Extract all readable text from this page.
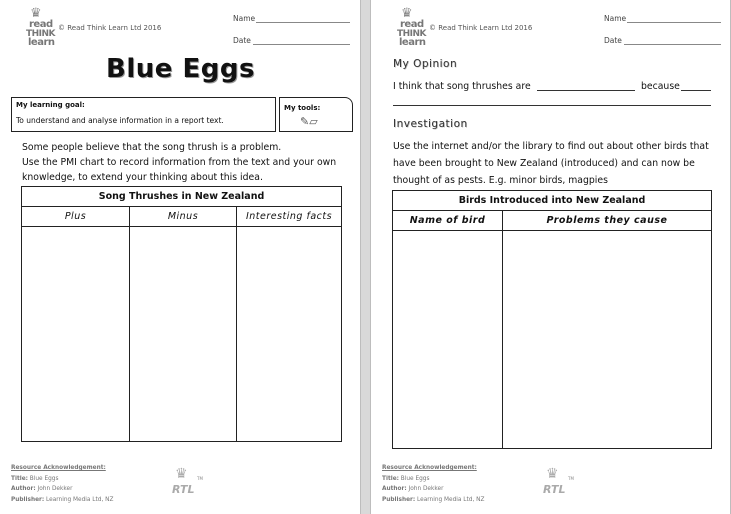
♛
read
THINK
learn
© Read Think Learn Ltd 2016
Name
Date
Blue Eggs
My learning goal:
To understand and analyse information in a report text.
My tools:
✎▱
Some people believe that the song thrush is a problem.
Use the PMI chart to record information from the text and your own
knowledge, to extend your thinking about this idea.
Song Thrushes in New Zealand		
Plus	Minus	Interesting facts

Resource Acknowledgement:
Title: Blue Eggs
Author: John Dekker
Publisher: Learning Media Ltd, NZ
♛
RTL
TM
♛
read
THINK
learn
© Read Think Learn Ltd 2016
Name
Date
My Opinion
I think that song thrushes are	because
Investigation
Use the internet and/or the library to find out about other birds that
have been brought to New Zealand (introduced) and can now be
thought of as pests. E.g. minor birds, magpies
Birds Introduced into New Zealand	
Name of bird	Problems they cause

Resource Acknowledgement:
Title: Blue Eggs
Author: John Dekker
Publisher: Learning Media Ltd, NZ
♛
RTL
TM
